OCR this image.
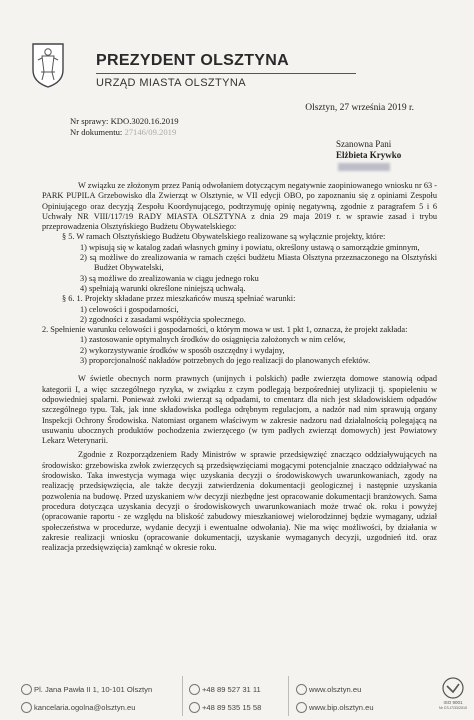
PREZYDENT OLSZTYNA
URZĄD MIASTA OLSZTYNA
Olsztyn, 27 września 2019 r.
Nr sprawy: KDO.3020.16.2019
Nr dokumentu: 27146/09.2019
Szanowna Pani
Elżbieta Krywko

W związku ze złożonym przez Panią odwołaniem dotyczącym negatywnie zaopiniowanego wniosku nr 63 - PARK PUPILA Grzebowisko dla Zwierząt w Olsztynie, w VII edycji OBO, po zapoznaniu się z opiniami Zespołu Opiniującego oraz decyzją Zespołu Koordynującego, podtrzymuję opinię negatywną, zgodnie z paragrafem 5 i 6 Uchwały NR VIII/117/19 RADY MIASTA OLSZTYNA z dnia 29 maja 2019 r. w sprawie zasad i trybu przeprowadzenia Olsztyńskiego Budżetu Obywatelskiego:

§ 5. W ramach Olsztyńskiego Budżetu Obywatelskiego realizowane są wyłącznie projekty, które:

1) wpisują się w katalog zadań własnych gminy i powiatu, określony ustawą o samorządzie gminnym,

2) są możliwe do zrealizowania w ramach części budżetu Miasta Olsztyna przeznaczonego na Olsztyński Budżet Obywatelski,

3) są możliwe do zrealizowania w ciągu jednego roku

4) spełniają warunki określone niniejszą uchwałą.

§ 6. 1. Projekty składane przez mieszkańców muszą spełniać warunki:

1) celowości i gospodarności,

2) zgodności z zasadami współżycia społecznego.

2. Spełnienie warunku celowości i gospodarności, o którym mowa w ust. 1 pkt 1, oznacza, że projekt zakłada:

1) zastosowanie optymalnych środków do osiągnięcia założonych w nim celów,

2) wykorzystywanie środków w sposób oszczędny i wydajny,

3) proporcjonalność nakładów potrzebnych do jego realizacji do planowanych efektów.

W świetle obecnych norm prawnych (unijnych i polskich) padłe zwierzęta domowe stanowią odpad kategorii I, a więc szczególnego ryzyka, w związku z czym podlegają bezpośredniej utylizacji tj. spopieleniu w odpowiedniej spalarni. Ponieważ zwłoki zwierząt są odpadami, to cmentarz dla nich jest składowiskiem odpadów szczególnego typu. Tak, jak inne składowiska podlega odrębnym regulacjom, a nadzór nad nim sprawują organy Inspekcji Ochrony Środowiska. Natomiast organem właściwym w zakresie nadzoru nad działalnością polegającą na usuwaniu ubocznych produktów pochodzenia zwierzęcego (w tym padłych zwierząt domowych) jest Powiatowy Lekarz Weterynarii.

Zgodnie z Rozporządzeniem Rady Ministrów w sprawie przedsięwzięć znacząco oddziaływujących na środowisko: grzebowiska zwłok zwierzęcych są przedsięwzięciami mogącymi potencjalnie znacząco oddziaływać na środowisko. Taka inwestycja wymaga więc uzyskania decyzji o środowiskowych uwarunkowaniach, zgody na realizację przedsięwzięcia, ale także decyzji zatwierdzenia dokumentacji geologicznej i następnie uzyskania pozwolenia na budowę. Przed uzyskaniem w/w decyzji niezbędne jest opracowanie dokumentacji branżowych. Sama procedura dotycząca uzyskania decyzji o środowiskowych uwarunkowaniach może trwać ok. roku i powyżej (opracowanie raportu - ze względu na bliskość zabudowy mieszkaniowej wielorodzinnej będzie wymagany, udział społeczeństwa w procedurze, wydanie decyzji i ewentualne odwołania). Nie ma więc możliwości, by działania w zakresie realizacji wniosku (opracowanie dokumentacji, uzyskanie wymaganych decyzji, uzgodnień itd. oraz realizacja przedsięwzięcia) zamknąć w okresie roku.

Pl. Jana Pawła II 1, 10-101 Olsztyn
kancelaria.ogolna@olsztyn.eu
+48 89 527 31 11
+48 89 535 15 58
www.olsztyn.eu
www.bip.olsztyn.eu
ISO 9001
Nr CS-I7/33/2010
